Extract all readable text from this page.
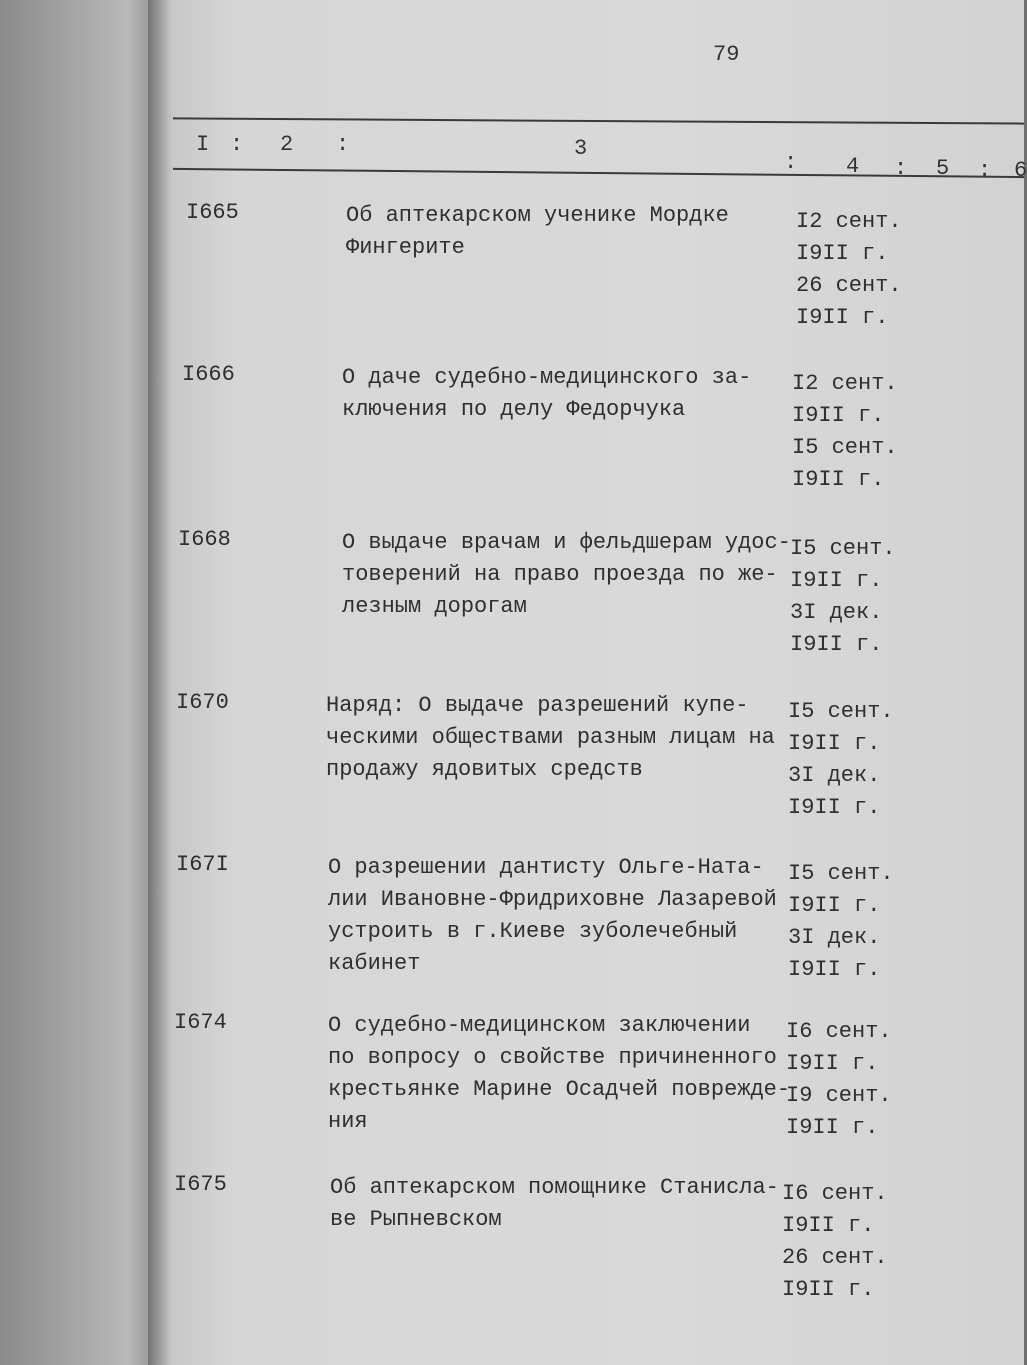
79
I : 2 :	3
: 4 : 5 : 6
I665	Об аптекарском ученике Мордке
Фингерите
I2 сент.
I9II г.
26 сент.
I9II г.
I666	О даче судебно-медицинского за-
ключения по делу Федорчука
I2 сент.
I9II г.
I5 сент.
I9II г.
I668	О выдаче врачам и фельдшерам удос-
товерений на право проезда по же-
лезным дорогам
I5 сент.
I9II г.
3I дек.
I9II г.
I670	Наряд: О выдаче разрешений купе-
ческими обществами разным лицам на
продажу ядовитых средств
I5 сент.
I9II г.
3I дек.
I9II г.
I67I	О разрешении дантисту Ольге-Ната-
лии Ивановне-Фридриховне Лазаревой
устроить в г.Киеве зуболечебный
кабинет
I5 сент.
I9II г.
3I дек.
I9II г.
I674	О судебно-медицинском заключении
по вопросу о свойстве причиненного
крестьянке Марине Осадчей поврежде-
ния
I6 сент.
I9II г.
I9 сент.
I9II г.
I675	Об аптекарском помощнике Станисла-
ве Рыпневском
I6 сент.
I9II г.
26 сент.
I9II г.
